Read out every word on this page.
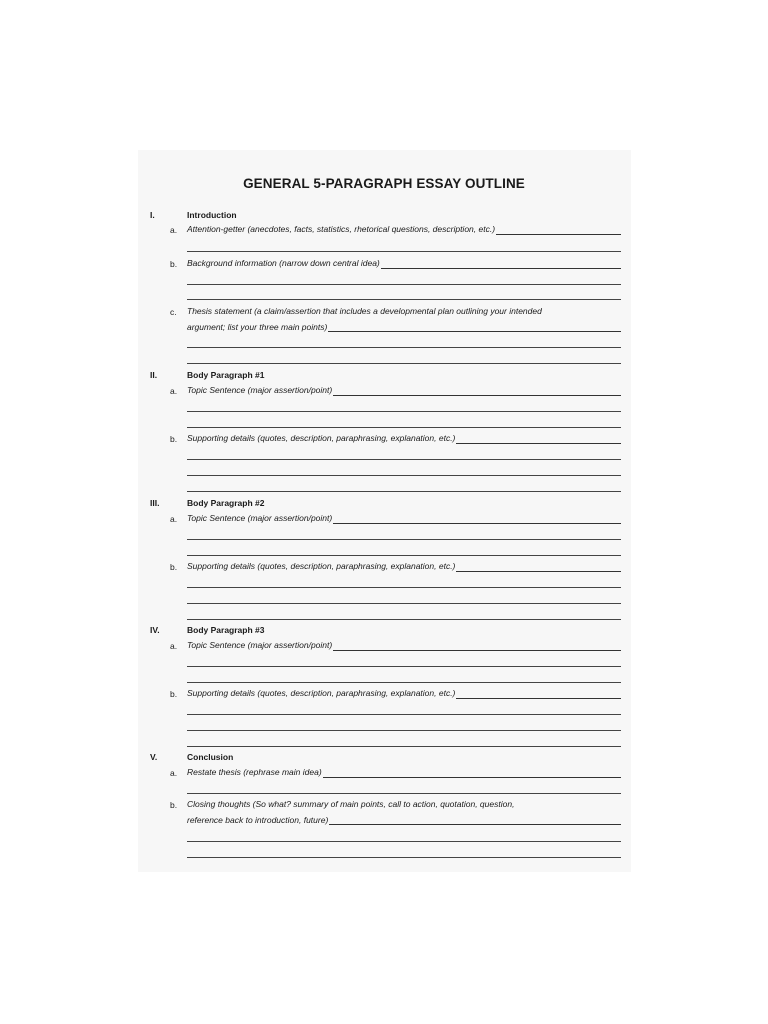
GENERAL 5-PARAGRAPH ESSAY OUTLINE
I.	Introduction
a. Attention-getter (anecdotes, facts, statistics, rhetorical questions, description, etc.)
b. Background information (narrow down central idea)
c. Thesis statement (a claim/assertion that includes a developmental plan outlining your intended
argument; list your three main points)
II.	Body Paragraph #1
a. Topic Sentence (major assertion/point)
b. Supporting details (quotes, description, paraphrasing, explanation, etc.)
III.	Body Paragraph #2
a. Topic Sentence (major assertion/point)
b. Supporting details (quotes, description, paraphrasing, explanation, etc.)
IV.	Body Paragraph #3
a. Topic Sentence (major assertion/point)
b. Supporting details (quotes, description, paraphrasing, explanation, etc.)
V.	Conclusion
a. Restate thesis (rephrase main idea)
b. Closing thoughts (So what? summary of main points, call to action, quotation, question,
reference back to introduction, future)
